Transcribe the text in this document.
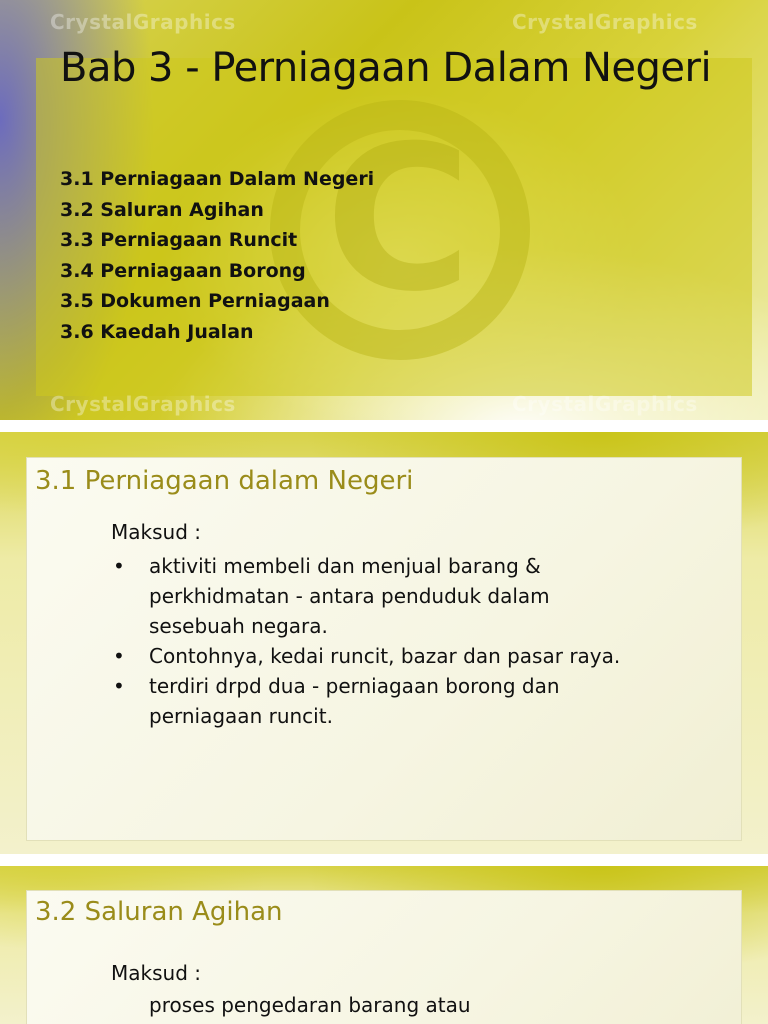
C
CrystalGraphics	CrystalGraphics
CrystalGraphics	CrystalGraphics
Bab 3 - Perniagaan Dalam Negeri
3.1 Perniagaan Dalam Negeri
3.2 Saluran Agihan
3.3 Perniagaan Runcit
3.4 Perniagaan Borong
3.5 Dokumen Perniagaan
3.6 Kaedah Jualan
3.1 Perniagaan dalam Negeri

Maksud :

• aktiviti membeli dan menjual barang & perkhidmatan - antara penduduk dalam sesebuah negara.
• Contohnya, kedai runcit, bazar dan pasar raya.
• terdiri drpd dua - perniagaan borong dan perniagaan runcit.
3.2 Saluran Agihan

Maksud :

proses pengedaran barang atau
